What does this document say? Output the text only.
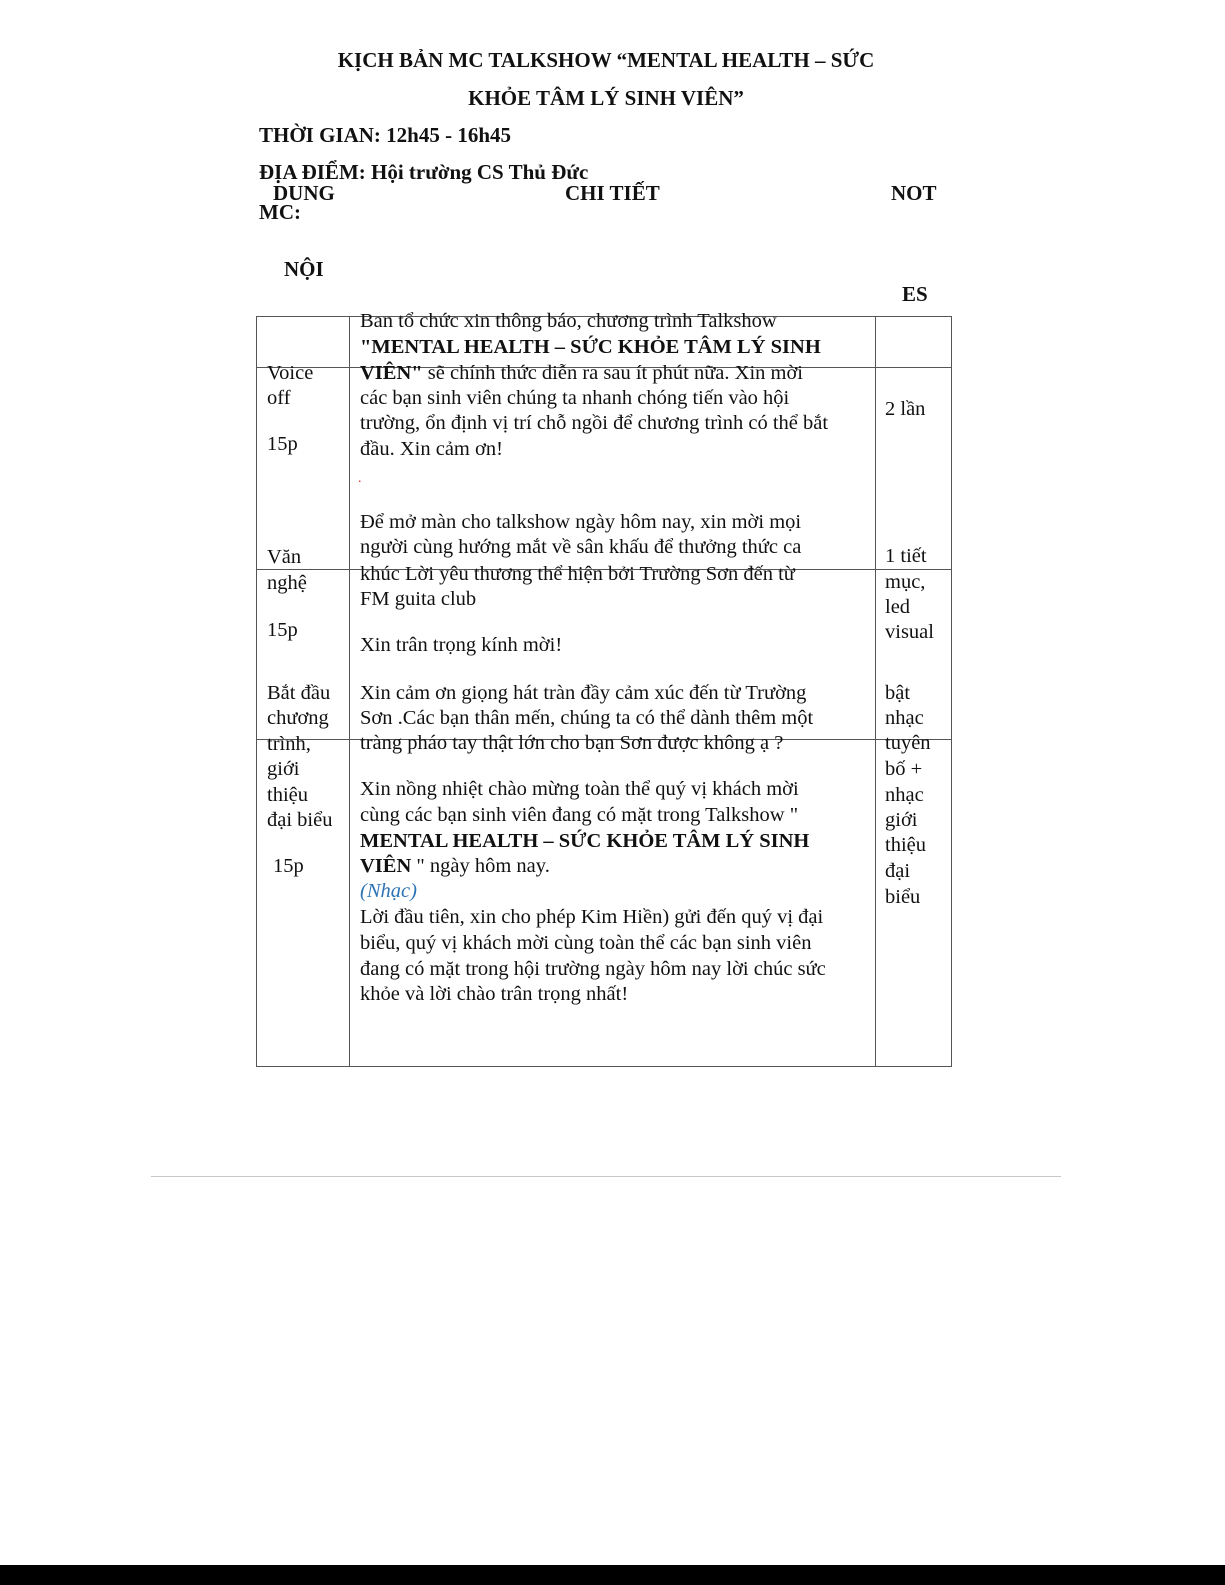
KỊCH BẢN MC TALKSHOW “MENTAL HEALTH – SỨC
KHỎE TÂM LÝ SINH VIÊN”
THỜI GIAN: 12h45 - 16h45
ĐỊA ĐIỂM: Hội trường CS Thủ Đức
DUNG
MC:
CHI TIẾT	NOT
NỘI
ES
Voice
off
15p
Ban tổ chức xin thông báo, chương trình Talkshow
"MENTAL HEALTH – SỨC KHỎE TÂM LÝ SINH
VIÊN" sẽ chính thức diễn ra sau ít phút nữa. Xin mời
các bạn sinh viên chúng ta nhanh chóng tiến vào hội
trường, ổn định vị trí chỗ ngồi để chương trình có thể bắt
đầu. Xin cảm ơn!
.
2 lần
Văn
nghệ
15p
Để mở màn cho talkshow ngày hôm nay, xin mời mọi
người cùng hướng mắt về sân khấu để thưởng thức ca
khúc Lời yêu thương thể hiện bởi Trường Sơn đến từ
FM guita club
Xin trân trọng kính mời!
1 tiết
mục,
led
visual
Bắt đầu
chương
trình,
giới
thiệu
đại biểu
15p
Xin cảm ơn giọng hát tràn đầy cảm xúc đến từ Trường
Sơn .Các bạn thân mến, chúng ta có thể dành thêm một
tràng pháo tay thật lớn cho bạn Sơn được không ạ ?
Xin nồng nhiệt chào mừng toàn thể quý vị khách mời
cùng các bạn sinh viên đang có mặt trong Talkshow "
MENTAL HEALTH – SỨC KHỎE TÂM LÝ SINH
VIÊN " ngày hôm nay.
(Nhạc)
Lời đầu tiên, xin cho phép Kim Hiền) gửi đến quý vị đại
biểu, quý vị khách mời cùng toàn thể các bạn sinh viên
đang có mặt trong hội trường ngày hôm nay lời chúc sức
khỏe và lời chào trân trọng nhất!
bật
nhạc
tuyên
bố +
nhạc
giới
thiệu
đại
biểu
